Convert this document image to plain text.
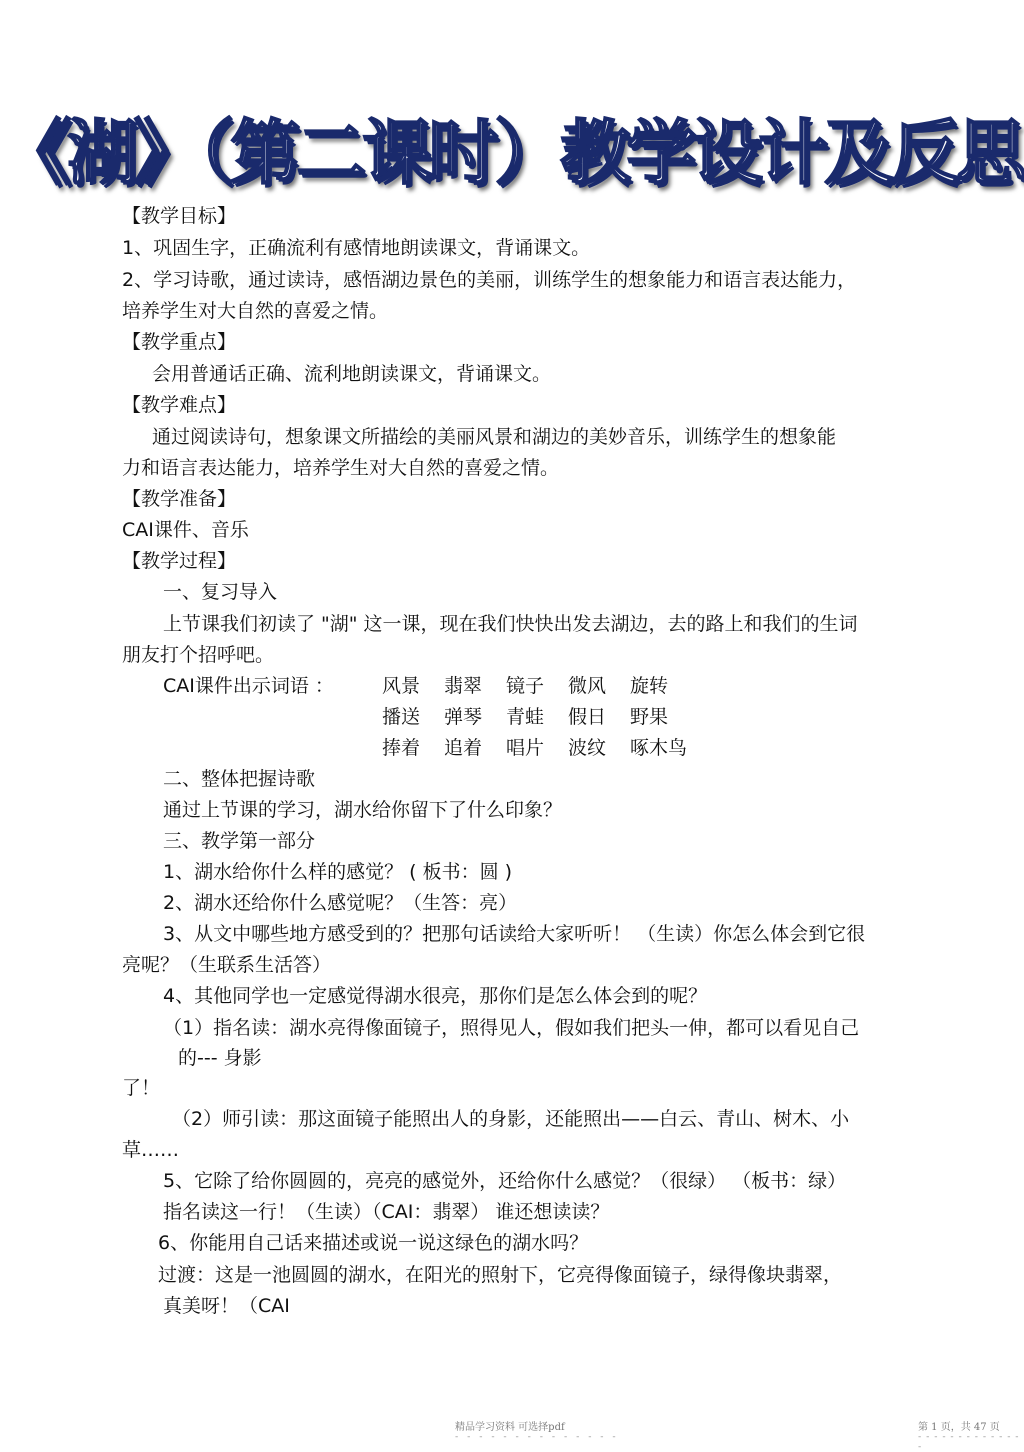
《湖》（第二课时）教学设计及反思
【教学目标】
1、巩固生字，正确流利有感情地朗读课文，背诵课文。
2、学习诗歌，通过读诗，感悟湖边景色的美丽，训练学生的想象能力和语言表达能力，
培养学生对大自然的喜爱之情。
【教学重点】
会用普通话正确、流利地朗读课文，背诵课文。
【教学难点】
通过阅读诗句，想象课文所描绘的美丽风景和湖边的美妙音乐，训练学生的想象能
力和语言表达能力，培养学生对大自然的喜爱之情。
【教学准备】
CAI课件、音乐
【教学过程】
一、复习导入
上节课我们初读了 "湖" 这一课，现在我们快快出发去湖边，去的路上和我们的生词
朋友打个招呼吧。
CAI课件出示词语 ：	风景 翡翠 镜子 微风 旋转
播送 弹琴 青蛙 假日 野果
捧着 追着 唱片 波纹 啄木鸟
二、整体把握诗歌
通过上节课的学习，湖水给你留下了什么印象？
三、教学第一部分
1、湖水给你什么样的感觉？ ( 板书：圆 )
2、湖水还给你什么感觉呢？（生答：亮）
3、从文中哪些地方感受到的？把那句话读给大家听听！ （生读）你怎么体会到它很
亮呢？（生联系生活答）
4、其他同学也一定感觉得湖水很亮，那你们是怎么体会到的呢？
（1）指名读：湖水亮得像面镜子，照得见人，假如我们把头一伸，都可以看见自己
的--- 身影
了！
（2）师引读：那这面镜子能照出人的身影，还能照出——白云、青山、树木、小
草……
5、它除了给你圆圆的，亮亮的感觉外，还给你什么感觉？（很绿） （板书：绿）
指名读这一行！（生读）（CAI：翡翠） 谁还想读读？
6、你能用自己话来描述或说一说这绿色的湖水吗？
过渡：这是一池圆圆的湖水，在阳光的照射下，它亮得像面镜子，绿得像块翡翠，
真美呀！（CAI
精品学习资料 可选择pdf
- - - - - - - - - - - - - -
第 1 页，共 47 页
- - - - - - - - - - - - - -
